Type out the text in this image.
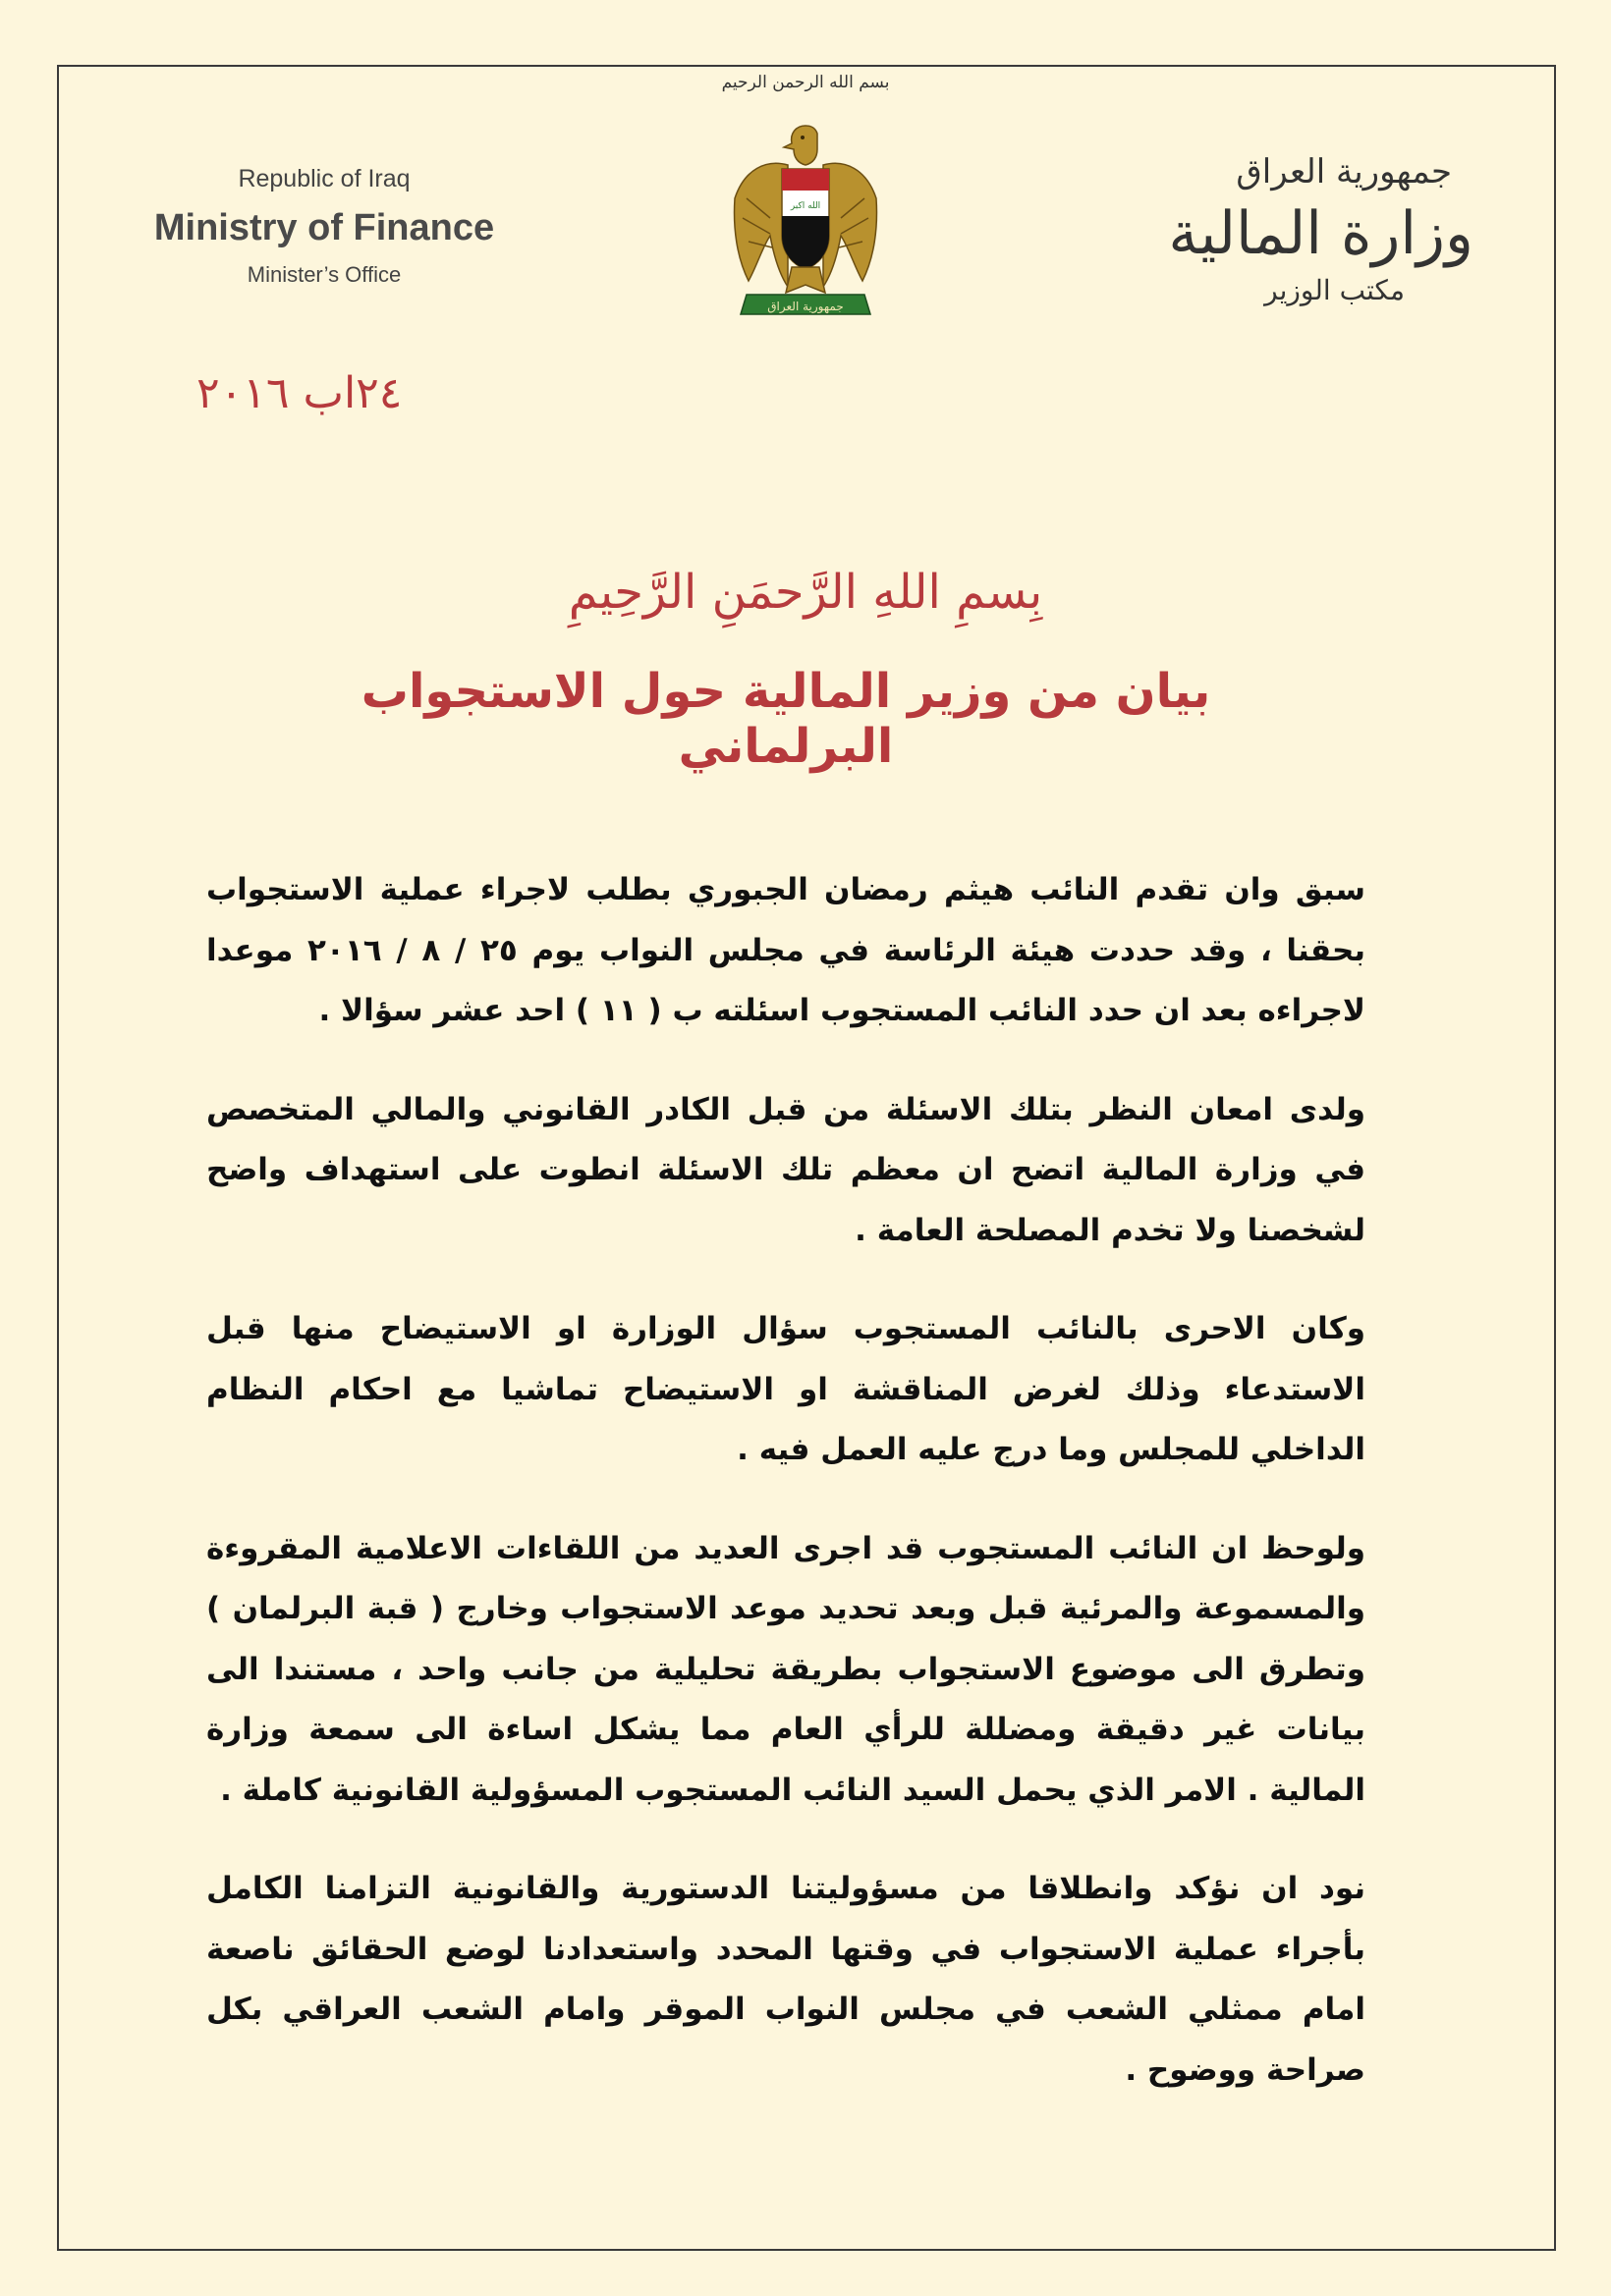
بسم الله الرحمن الرحيم
Republic of Iraq
Ministry of Finance
Minister’s Office
الله اكبر
جمهورية العراق
جمهورية العراق
وزارة المالية
مكتب الوزير
٢٤اب ٢٠١٦
بِسمِ اللهِ الرَّحمَنِ الرَّحِيمِ
بيان من وزير المالية حول الاستجواب البرلماني

سبق وان تقدم النائب هيثم رمضان الجبوري بطلب لاجراء عملية الاستجواب بحقنا ، وقد حددت هيئة الرئاسة في مجلس النواب يوم ٢٥ / ٨ / ٢٠١٦ موعدا لاجراءه بعد ان حدد النائب المستجوب اسئلته ب ( ١١ ) احد عشر سؤالا .

ولدى امعان النظر بتلك الاسئلة من قبل الكادر القانوني والمالي المتخصص في وزارة المالية اتضح ان معظم تلك الاسئلة انطوت على استهداف واضح لشخصنا ولا تخدم المصلحة العامة .

وكان الاحرى بالنائب المستجوب سؤال الوزارة او الاستيضاح منها قبل الاستدعاء وذلك لغرض المناقشة او الاستيضاح تماشيا مع احكام النظام الداخلي للمجلس وما درج عليه العمل فيه .

ولوحظ ان النائب المستجوب قد اجرى العديد من اللقاءات الاعلامية المقروءة والمسموعة والمرئية قبل وبعد تحديد موعد الاستجواب وخارج ( قبة البرلمان ) وتطرق الى موضوع الاستجواب بطريقة تحليلية من جانب واحد ، مستندا الى بيانات غير دقيقة ومضللة للرأي العام مما يشكل اساءة الى سمعة وزارة المالية . الامر الذي يحمل السيد النائب المستجوب المسؤولية القانونية كاملة .

نود ان نؤكد وانطلاقا من مسؤوليتنا الدستورية والقانونية التزامنا الكامل بأجراء عملية الاستجواب في وقتها المحدد واستعدادنا لوضع الحقائق ناصعة امام ممثلي الشعب في مجلس النواب الموقر وامام الشعب العراقي بكل صراحة ووضوح .
